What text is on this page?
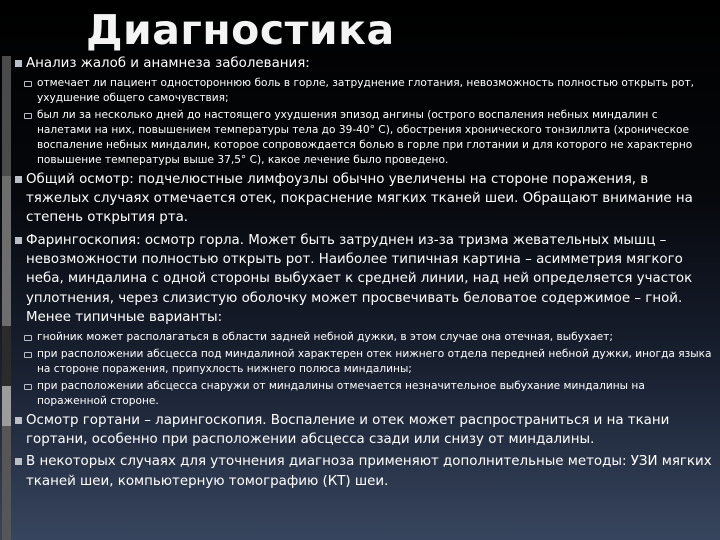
Диагностика
Анализ жалоб и анамнеза заболевания:
отмечает ли пациент одностороннюю боль в горле, затруднение глотания, невозможность полностью открыть рот, ухудшение общего самочувствия;
был ли за несколько дней до настоящего ухудшения эпизод ангины (острого воспаления небных миндалин с налетами на них, повышением температуры тела до 39-40° С), обострения хронического тонзиллита (хроническое воспаление небных миндалин, которое сопровождается болью в горле при глотании и для которого не характерно повышение температуры выше 37,5° С), какое лечение было проведено.
Общий осмотр: подчелюстные лимфоузлы обычно увеличены на стороне поражения, в тяжелых случаях отмечается отек, покраснение мягких тканей шеи. Обращают внимание на степень открытия рта.
Фарингоскопия: осмотр горла. Может быть затруднен из-за тризма жевательных мышц – невозможности полностью открыть рот. Наиболее типичная картина – асимметрия мягкого неба, миндалина с одной стороны выбухает к средней линии, над ней определяется участок уплотнения, через слизистую оболочку может просвечивать беловатое содержимое – гной. Менее типичные варианты:
гнойник может располагаться в области задней небной дужки, в этом случае она отечная, выбухает;
при расположении абсцесса под миндалиной характерен отек нижнего отдела передней небной дужки, иногда языка на стороне поражения, припухлость нижнего полюса миндалины;
при расположении абсцесса снаружи от миндалины отмечается незначительное выбухание миндалины на пораженной стороне.
Осмотр гортани – ларингоскопия. Воспаление и отек может распространиться и на ткани гортани, особенно при расположении абсцесса сзади или снизу от миндалины.
В некоторых случаях для уточнения диагноза применяют дополнительные методы: УЗИ мягких тканей шеи, компьютерную томографию (КТ) шеи.
